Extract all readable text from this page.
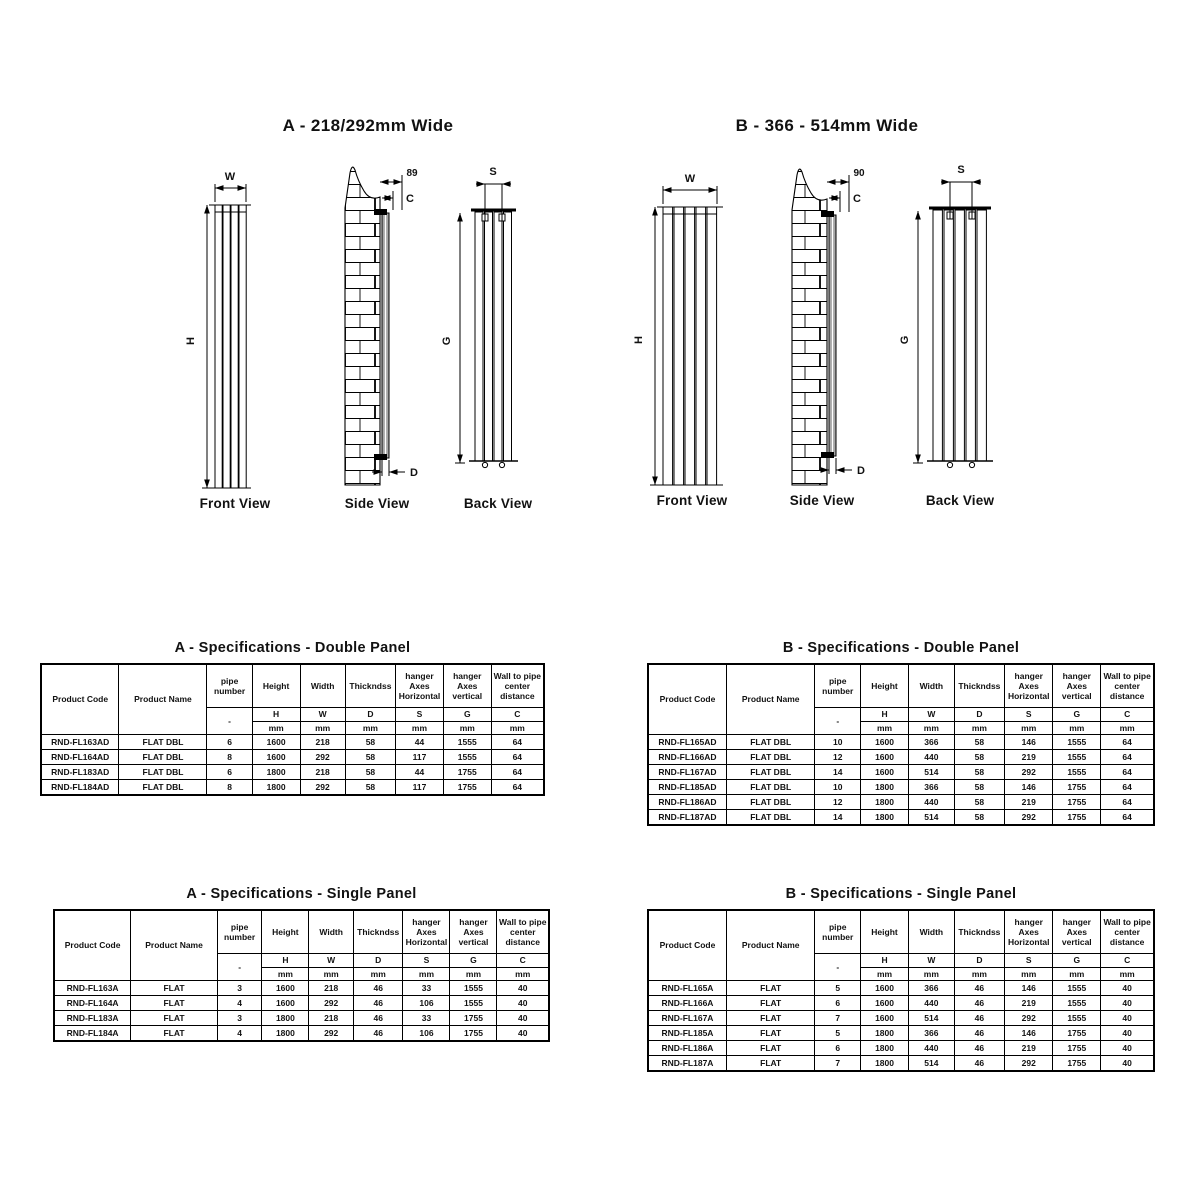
A - 218/292mm Wide	B - 366 - 514mm Wide
W
H
89
C
D
S
G
Front View	Side View	Back View
W
H
90
C
D
S
G
Front View	Side View	Back View
A - Specifications - Double Panel
Product Code	Product Name	pipe number	Height	Width	Thickndss	hanger Axes Horizontal	hanger Axes vertical	Wall to pipe center distance
		-	H	W	D	S	G	C
			mm	mm	mm	mm	mm	mm
RND-FL163AD	FLAT DBL	6	1600	218	58	44	1555	64
RND-FL164AD	FLAT DBL	8	1600	292	58	117	1555	64
RND-FL183AD	FLAT DBL	6	1800	218	58	44	1755	64
RND-FL184AD	FLAT DBL	8	1800	292	58	117	1755	64
B - Specifications - Double Panel
Product Code	Product Name	pipe number	Height	Width	Thickndss	hanger Axes Horizontal	hanger Axes vertical	Wall to pipe center distance
		-	H	W	D	S	G	C
			mm	mm	mm	mm	mm	mm
RND-FL165AD	FLAT DBL	10	1600	366	58	146	1555	64
RND-FL166AD	FLAT DBL	12	1600	440	58	219	1555	64
RND-FL167AD	FLAT DBL	14	1600	514	58	292	1555	64
RND-FL185AD	FLAT DBL	10	1800	366	58	146	1755	64
RND-FL186AD	FLAT DBL	12	1800	440	58	219	1755	64
RND-FL187AD	FLAT DBL	14	1800	514	58	292	1755	64
A - Specifications - Single Panel
Product Code	Product Name	pipe number	Height	Width	Thickndss	hanger Axes Horizontal	hanger Axes vertical	Wall to pipe center distance
		-	H	W	D	S	G	C
			mm	mm	mm	mm	mm	mm
RND-FL163A	FLAT	3	1600	218	46	33	1555	40
RND-FL164A	FLAT	4	1600	292	46	106	1555	40
RND-FL183A	FLAT	3	1800	218	46	33	1755	40
RND-FL184A	FLAT	4	1800	292	46	106	1755	40
B - Specifications - Single Panel
Product Code	Product Name	pipe number	Height	Width	Thickndss	hanger Axes Horizontal	hanger Axes vertical	Wall to pipe center distance
		-	H	W	D	S	G	C
			mm	mm	mm	mm	mm	mm
RND-FL165A	FLAT	5	1600	366	46	146	1555	40
RND-FL166A	FLAT	6	1600	440	46	219	1555	40
RND-FL167A	FLAT	7	1600	514	46	292	1555	40
RND-FL185A	FLAT	5	1800	366	46	146	1755	40
RND-FL186A	FLAT	6	1800	440	46	219	1755	40
RND-FL187A	FLAT	7	1800	514	46	292	1755	40
